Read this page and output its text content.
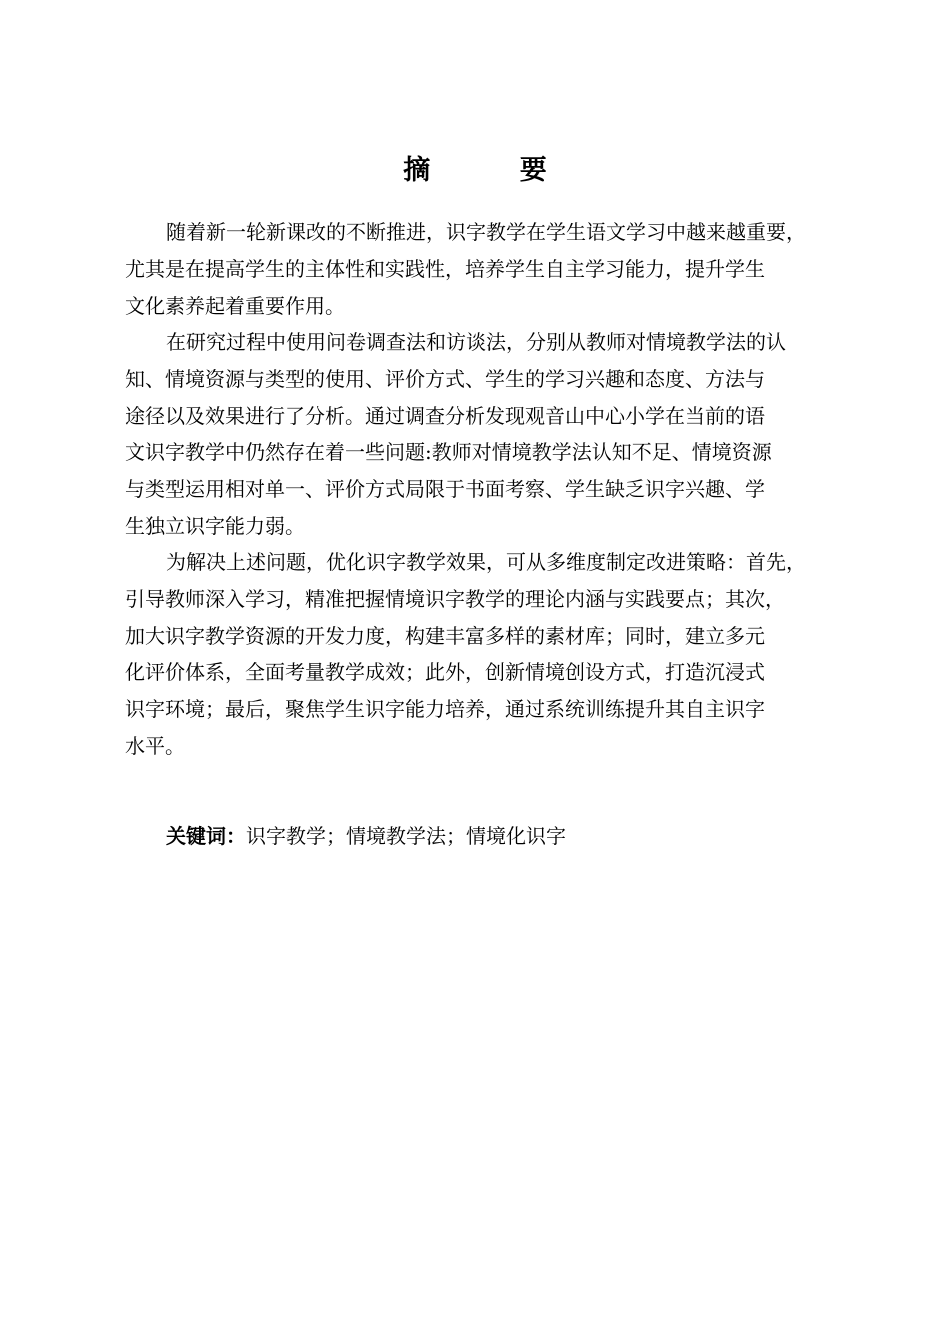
摘 要
随着新一轮新课改的不断推进，识字教学在学生语文学习中越来越重要，
尤其是在提高学生的主体性和实践性，培养学生自主学习能力，提升学生
文化素养起着重要作用。
在研究过程中使用问卷调查法和访谈法，分别从教师对情境教学法的认
知、情境资源与类型的使用、评价方式、学生的学习兴趣和态度、方法与
途径以及效果进行了分析。通过调查分析发现观音山中心小学在当前的语
文识字教学中仍然存在着一些问题:教师对情境教学法认知不足、情境资源
与类型运用相对单一、评价方式局限于书面考察、学生缺乏识字兴趣、学
生独立识字能力弱。
为解决上述问题，优化识字教学效果，可从多维度制定改进策略：首先，
引导教师深入学习，精准把握情境识字教学的理论内涵与实践要点；其次，
加大识字教学资源的开发力度，构建丰富多样的素材库；同时，建立多元
化评价体系，全面考量教学成效；此外，创新情境创设方式，打造沉浸式
识字环境；最后，聚焦学生识字能力培养，通过系统训练提升其自主识字
水平。
关键词：识字教学；情境教学法；情境化识字
